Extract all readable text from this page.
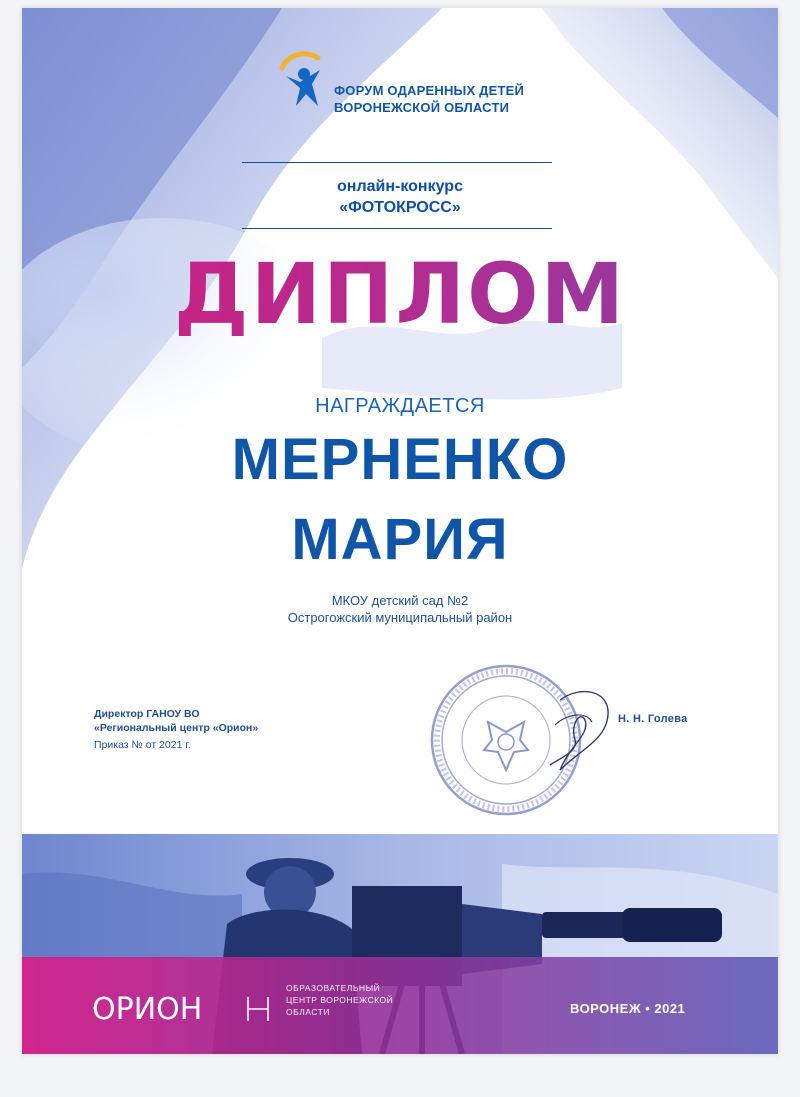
ФОРУМ ОДАРЕННЫХ ДЕТЕЙ
ВОРОНЕЖСКОЙ ОБЛАСТИ
онлайн-конкурс
«ФОТОКРОСС»
ДИПЛОМ
НАГРАЖДАЕТСЯ
МЕРНЕНКО
МАРИЯ
МКОУ детский сад №2
Острогожский муниципальный район
Директор ГАНОУ ВО
«Региональный центр «Орион»
Приказ № от 2021 г.
Н. Н. Голева
ОРИОН
ОБРАЗОВАТЕЛЬНЫЙ
ЦЕНТР ВОРОНЕЖСКОЙ
ОБЛАСТИ	ВОРОНЕЖ • 2021
